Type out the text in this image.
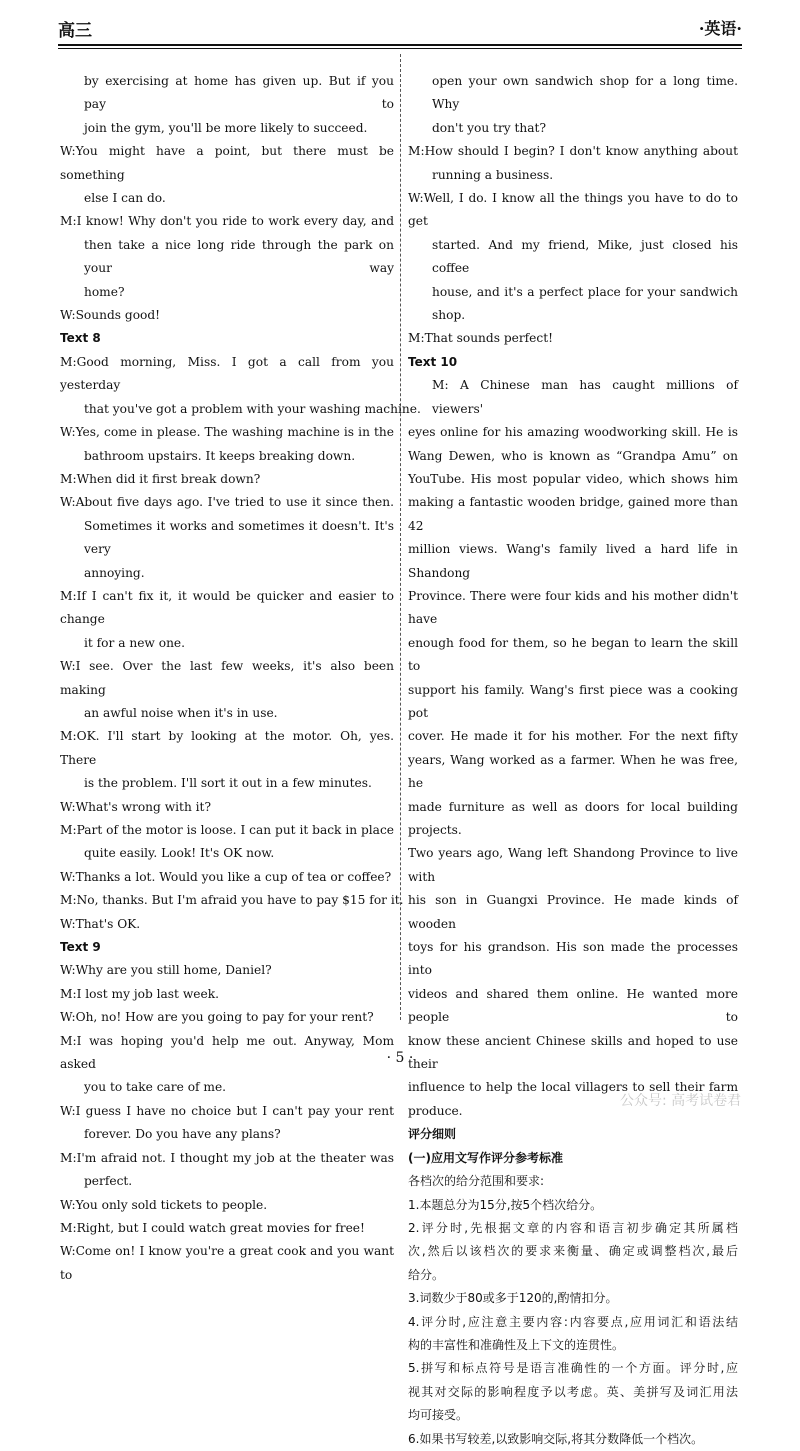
高三	·英语·
by exercising at home has given up. But if you pay to
join the gym, you'll be more likely to succeed.
W:You might have a point, but there must be something
else I can do.
M:I know! Why don't you ride to work every day, and
then take a nice long ride through the park on your way
home?
W:Sounds good!
Text 8
M:Good morning, Miss. I got a call from you yesterday
that you've got a problem with your washing machine.
W:Yes, come in please. The washing machine is in the
bathroom upstairs. It keeps breaking down.
M:When did it first break down?
W:About five days ago. I've tried to use it since then.
Sometimes it works and sometimes it doesn't. It's very
annoying.
M:If I can't fix it, it would be quicker and easier to change
it for a new one.
W:I see. Over the last few weeks, it's also been making
an awful noise when it's in use.
M:OK. I'll start by looking at the motor. Oh, yes. There
is the problem. I'll sort it out in a few minutes.
W:What's wrong with it?
M:Part of the motor is loose. I can put it back in place
quite easily. Look! It's OK now.
W:Thanks a lot. Would you like a cup of tea or coffee?
M:No, thanks. But I'm afraid you have to pay $15 for it.
W:That's OK.
Text 9
W:Why are you still home, Daniel?
M:I lost my job last week.
W:Oh, no! How are you going to pay for your rent?
M:I was hoping you'd help me out. Anyway, Mom asked
you to take care of me.
W:I guess I have no choice but I can't pay your rent
forever. Do you have any plans?
M:I'm afraid not. I thought my job at the theater was
perfect.
W:You only sold tickets to people.
M:Right, but I could watch great movies for free!
W:Come on! I know you're a great cook and you want to
open your own sandwich shop for a long time. Why
don't you try that?
M:How should I begin? I don't know anything about
running a business.
W:Well, I do. I know all the things you have to do to get
started. And my friend, Mike, just closed his coffee
house, and it's a perfect place for your sandwich shop.
M:That sounds perfect!
Text 10
M: A Chinese man has caught millions of viewers'
eyes online for his amazing woodworking skill. He is
Wang Dewen, who is known as “Grandpa Amu” on
YouTube. His most popular video, which shows him
making a fantastic wooden bridge, gained more than 42
million views. Wang's family lived a hard life in Shandong
Province. There were four kids and his mother didn't have
enough food for them, so he began to learn the skill to
support his family. Wang's first piece was a cooking pot
cover. He made it for his mother. For the next fifty
years, Wang worked as a farmer. When he was free, he
made furniture as well as doors for local building projects.
Two years ago, Wang left Shandong Province to live with
his son in Guangxi Province. He made kinds of wooden
toys for his grandson. His son made the processes into
videos and shared them online. He wanted more people to
know these ancient Chinese skills and hoped to use their
influence to help the local villagers to sell their farm
produce.
评分细则
(一)应用文写作评分参考标准
各档次的给分范围和要求:
1.本题总分为15分,按5个档次给分。
2.评分时,先根据文章的内容和语言初步确定其所属档
次,然后以该档次的要求来衡量、确定或调整档次,最后
给分。
3.词数少于80或多于120的,酌情扣分。
4.评分时,应注意主要内容:内容要点,应用词汇和语法结
构的丰富性和准确性及上下文的连贯性。
5.拼写和标点符号是语言准确性的一个方面。评分时,应
视其对交际的影响程度予以考虑。英、美拼写及词汇用法
均可接受。
6.如果书写较差,以致影响交际,将其分数降低一个档次。
· 5 ·
公众号: 高考试卷君
